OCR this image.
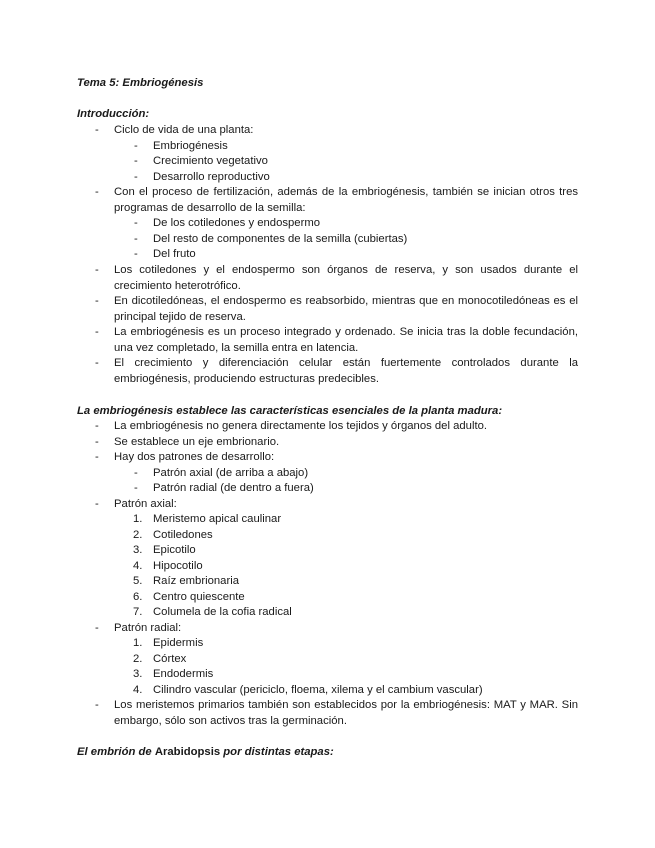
Tema 5: Embriogénesis
Introducción:
- Ciclo de vida de una planta:
- Embriogénesis
- Crecimiento vegetativo
- Desarrollo reproductivo
- Con el proceso de fertilización, además de la embriogénesis, también se inician otros tres programas de desarrollo de la semilla:
- De los cotiledones y endospermo
- Del resto de componentes de la semilla (cubiertas)
- Del fruto
- Los cotiledones y el endospermo son órganos de reserva, y son usados durante el crecimiento heterotrófico.
- En dicotiledóneas, el endospermo es reabsorbido, mientras que en monocotiledóneas es el principal tejido de reserva.
- La embriogénesis es un proceso integrado y ordenado. Se inicia tras la doble fecundación, una vez completado, la semilla entra en latencia.
- El crecimiento y diferenciación celular están fuertemente controlados durante la embriogénesis, produciendo estructuras predecibles.
La embriogénesis establece las características esenciales de la planta madura:
- La embriogénesis no genera directamente los tejidos y órganos del adulto.
- Se establece un eje embrionario.
- Hay dos patrones de desarrollo:
- Patrón axial (de arriba a abajo)
- Patrón radial (de dentro a fuera)
- Patrón axial:
1. Meristemo apical caulinar
2. Cotiledones
3. Epicotilo
4. Hipocotilo
5. Raíz embrionaria
6. Centro quiescente
7. Columela de la cofia radical
- Patrón radial:
1. Epidermis
2. Córtex
3. Endodermis
4. Cilindro vascular (periciclo, floema, xilema y el cambium vascular)
- Los meristemos primarios también son establecidos por la embriogénesis: MAT y MAR. Sin embargo, sólo son activos tras la germinación.
El embrión de Arabidopsis por distintas etapas:
